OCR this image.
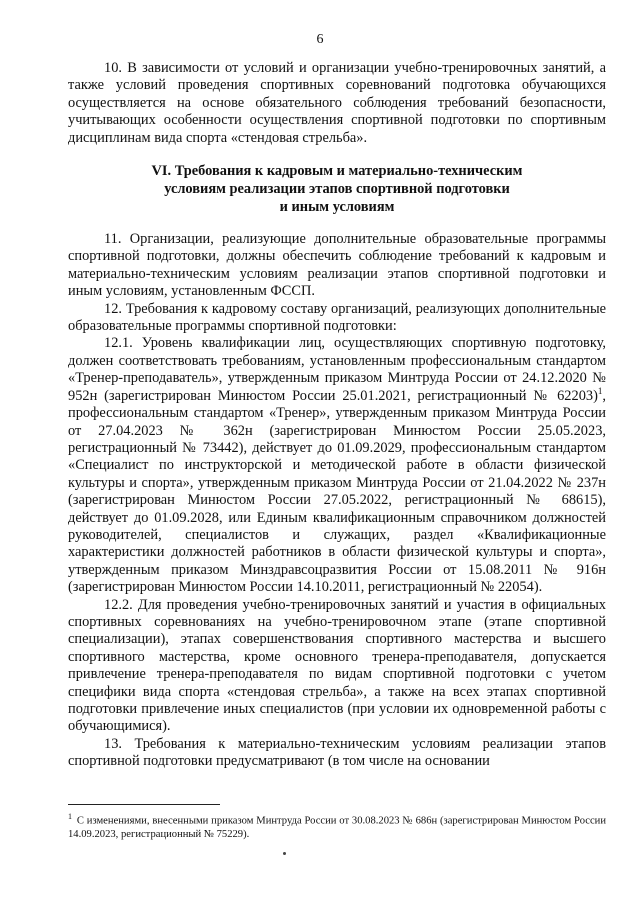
6

10. В зависимости от условий и организации учебно-тренировочных занятий, а также условий проведения спортивных соревнований подготовка обучающихся осуществляется на основе обязательного соблюдения требований безопасности, учитывающих особенности осуществления спортивной подготовки по спортивным дисциплинам вида спорта «стендовая стрельба».

VI. Требования к кадровым и материально-техническим
условиям реализации этапов спортивной подготовки
и иным условиям

11. Организации, реализующие дополнительные образовательные программы спортивной подготовки, должны обеспечить соблюдение требований к кадровым и материально-техническим условиям реализации этапов спортивной подготовки и иным условиям, установленным ФССП.

12. Требования к кадровому составу организаций, реализующих дополнительные образовательные программы спортивной подготовки:

12.1. Уровень квалификации лиц, осуществляющих спортивную подготовку, должен соответствовать требованиям, установленным профессиональным стандартом «Тренер-преподаватель», утвержденным приказом Минтруда России от 24.12.2020 № 952н (зарегистрирован Минюстом России 25.01.2021, регистрационный № 62203)$^1$, профессиональным стандартом «Тренер», утвержденным приказом Минтруда России от 27.04.2023 № 362н (зарегистрирован Минюстом России 25.05.2023, регистрационный № 73442), действует до 01.09.2029, профессиональным стандартом «Специалист по инструкторской и методической работе в области физической культуры и спорта», утвержденным приказом Минтруда России от 21.04.2022 № 237н (зарегистрирован Минюстом России 27.05.2022, регистрационный № 68615), действует до 01.09.2028, или Единым квалификационным справочником должностей руководителей, специалистов и служащих, раздел «Квалификационные характеристики должностей работников в области физической культуры и спорта», утвержденным приказом Минздравсоцразвития России от 15.08.2011 № 916н (зарегистрирован Минюстом России 14.10.2011, регистрационный № 22054).

12.2. Для проведения учебно-тренировочных занятий и участия в официальных спортивных соревнованиях на учебно-тренировочном этапе (этапе спортивной специализации), этапах совершенствования спортивного мастерства и высшего спортивного мастерства, кроме основного тренера-преподавателя, допускается привлечение тренера-преподавателя по видам спортивной подготовки с учетом специфики вида спорта «стендовая стрельба», а также на всех этапах спортивной подготовки привлечение иных специалистов (при условии их одновременной работы с обучающимися).

13. Требования к материально-техническим условиям реализации этапов спортивной подготовки предусматривают (в том числе на основании

$^1$ С изменениями, внесенными приказом Минтруда России от 30.08.2023 № 686н (зарегистрирован Минюстом России 14.09.2023, регистрационный № 75229).
